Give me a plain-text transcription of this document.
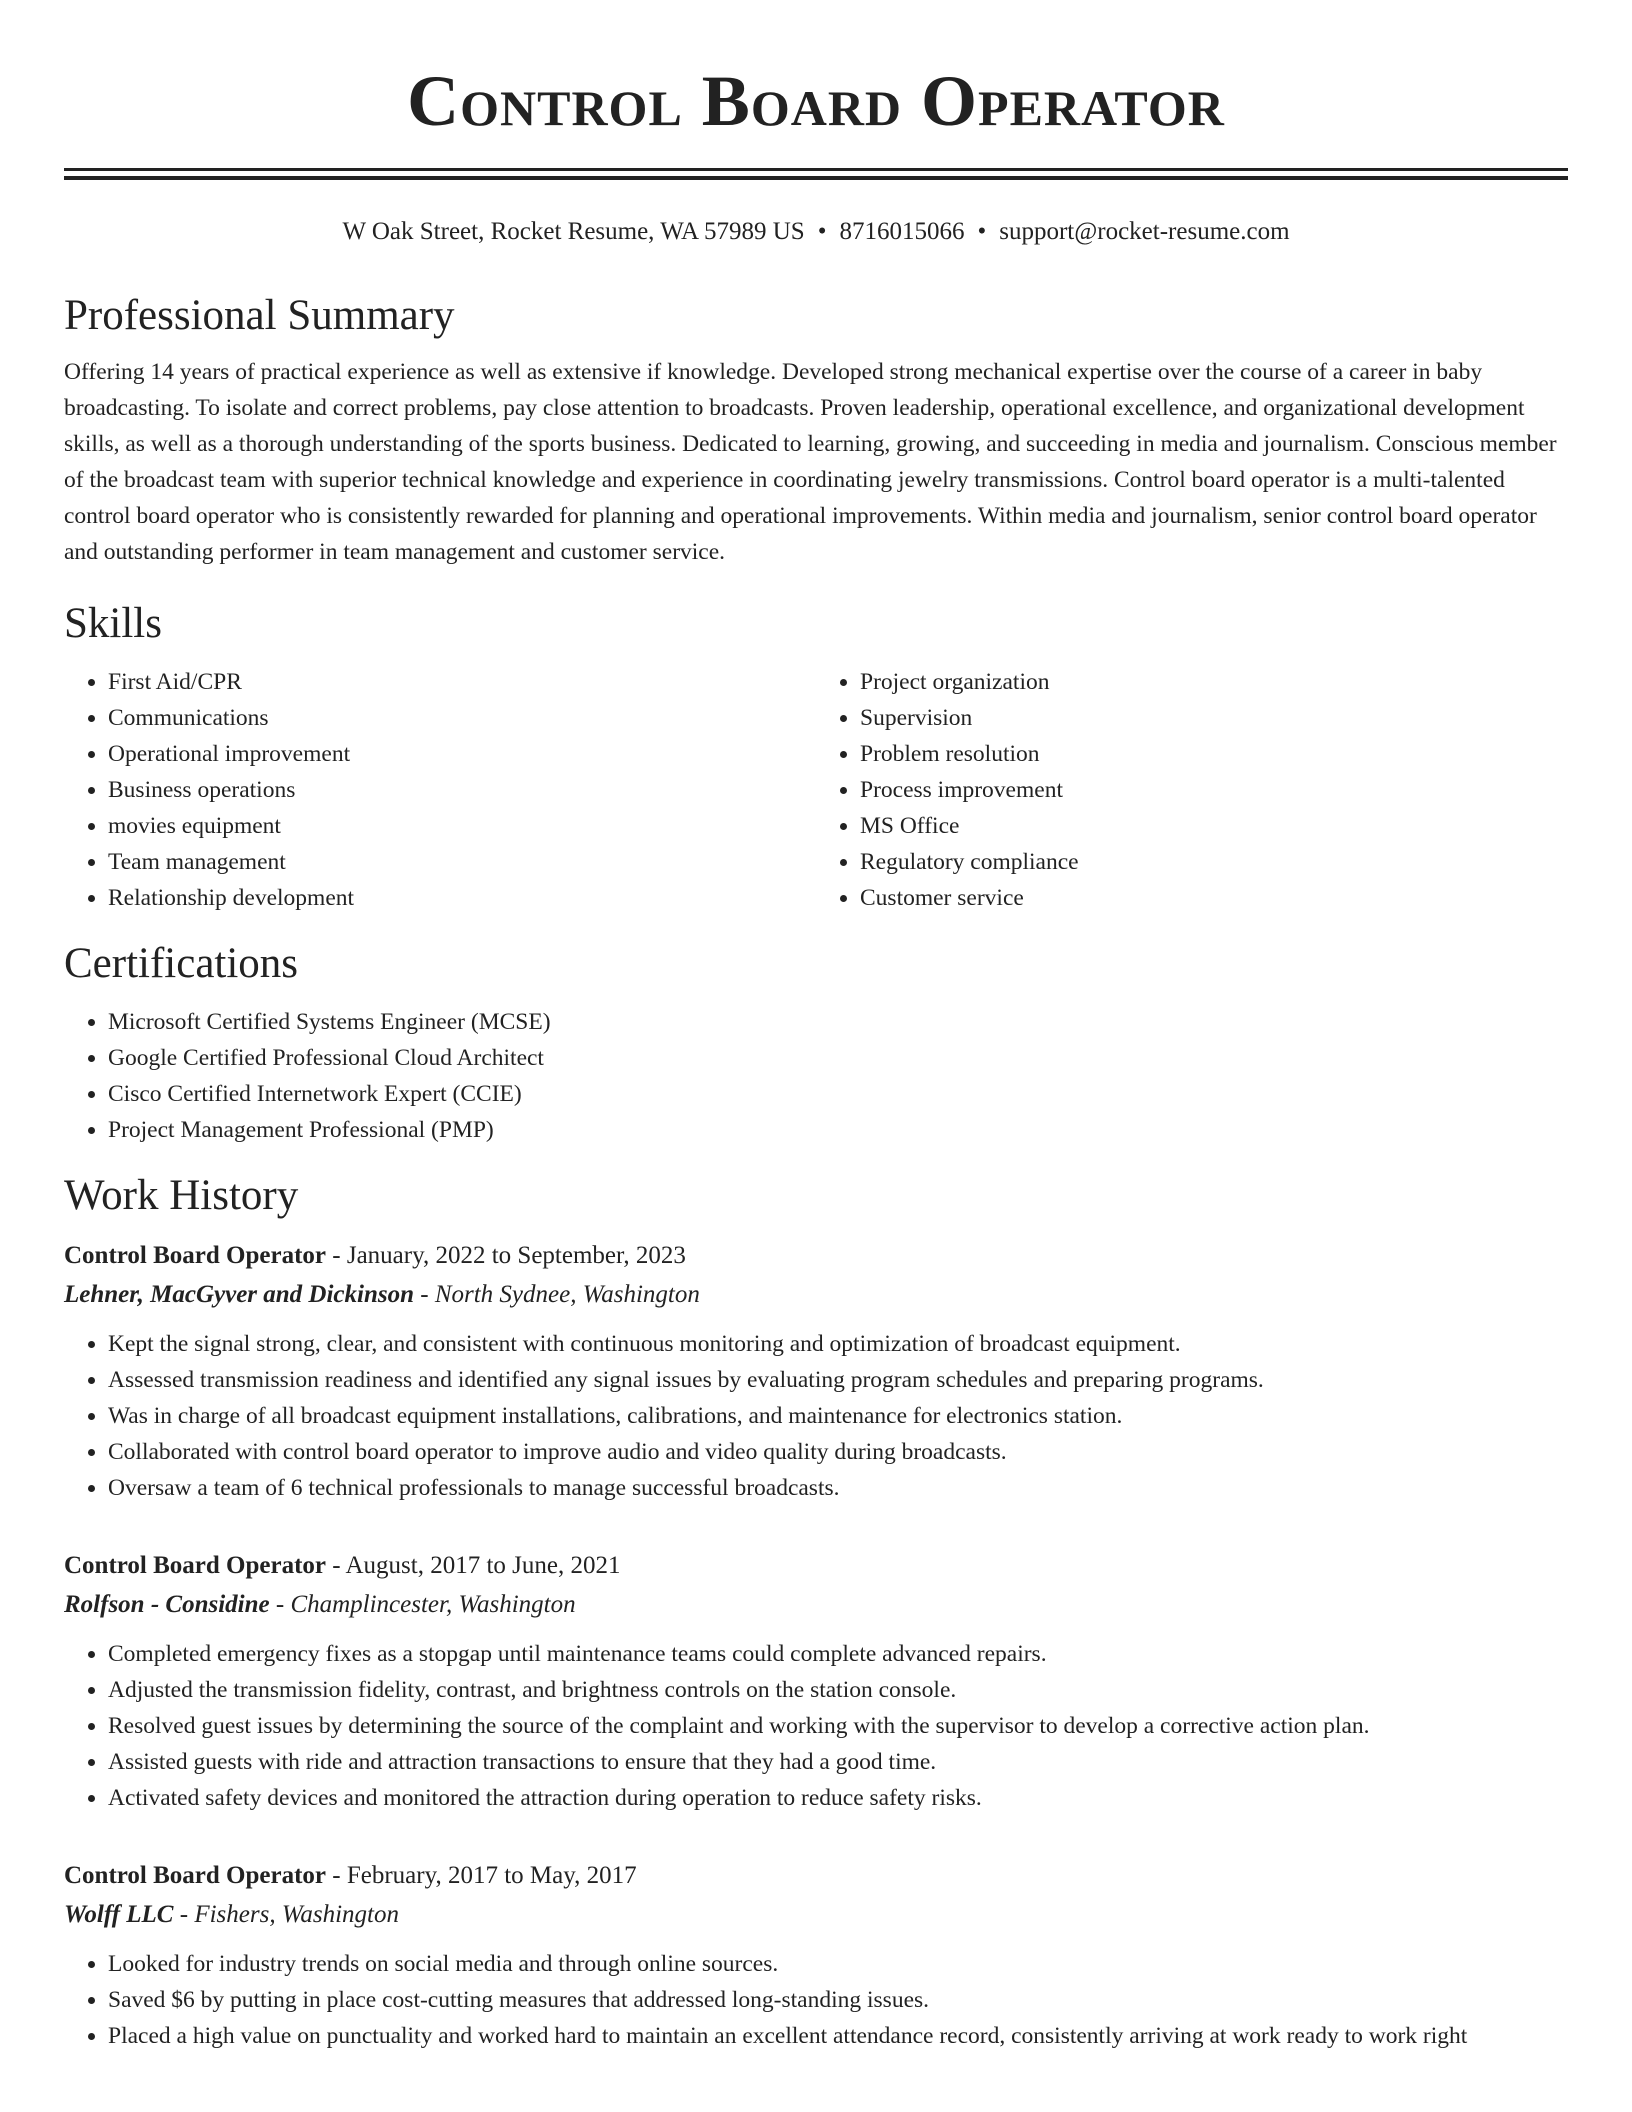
Control Board Operator
W Oak Street, Rocket Resume, WA 57989 US • 8716015066 • support@rocket-resume.com
Professional Summary

Offering 14 years of practical experience as well as extensive if knowledge. Developed strong mechanical expertise over the course of a career in baby broadcasting. To isolate and correct problems, pay close attention to broadcasts. Proven leadership, operational excellence, and organizational development skills, as well as a thorough understanding of the sports business. Dedicated to learning, growing, and succeeding in media and journalism. Conscious member of the broadcast team with superior technical knowledge and experience in coordinating jewelry transmissions. Control board operator is a multi-talented control board operator who is consistently rewarded for planning and operational improvements. Within media and journalism, senior control board operator and outstanding performer in team management and customer service.

Skills
• First Aid/CPR
• Communications
• Operational improvement
• Business operations
• movies equipment
• Team management
• Relationship development
• Project organization
• Supervision
• Problem resolution
• Process improvement
• MS Office
• Regulatory compliance
• Customer service
Certifications
• Microsoft Certified Systems Engineer (MCSE)
• Google Certified Professional Cloud Architect
• Cisco Certified Internetwork Expert (CCIE)
• Project Management Professional (PMP)
Work History
Control Board Operator - January, 2022 to September, 2023
Lehner, MacGyver and Dickinson - North Sydnee, Washington
• Kept the signal strong, clear, and consistent with continuous monitoring and optimization of broadcast equipment.
• Assessed transmission readiness and identified any signal issues by evaluating program schedules and preparing programs.
• Was in charge of all broadcast equipment installations, calibrations, and maintenance for electronics station.
• Collaborated with control board operator to improve audio and video quality during broadcasts.
• Oversaw a team of 6 technical professionals to manage successful broadcasts.
Control Board Operator - August, 2017 to June, 2021
Rolfson - Considine - Champlincester, Washington
• Completed emergency fixes as a stopgap until maintenance teams could complete advanced repairs.
• Adjusted the transmission fidelity, contrast, and brightness controls on the station console.
• Resolved guest issues by determining the source of the complaint and working with the supervisor to develop a corrective action plan.
• Assisted guests with ride and attraction transactions to ensure that they had a good time.
• Activated safety devices and monitored the attraction during operation to reduce safety risks.
Control Board Operator - February, 2017 to May, 2017
Wolff LLC - Fishers, Washington
• Looked for industry trends on social media and through online sources.
• Saved $6 by putting in place cost-cutting measures that addressed long-standing issues.
• Placed a high value on punctuality and worked hard to maintain an excellent attendance record, consistently arriving at work ready to work right
